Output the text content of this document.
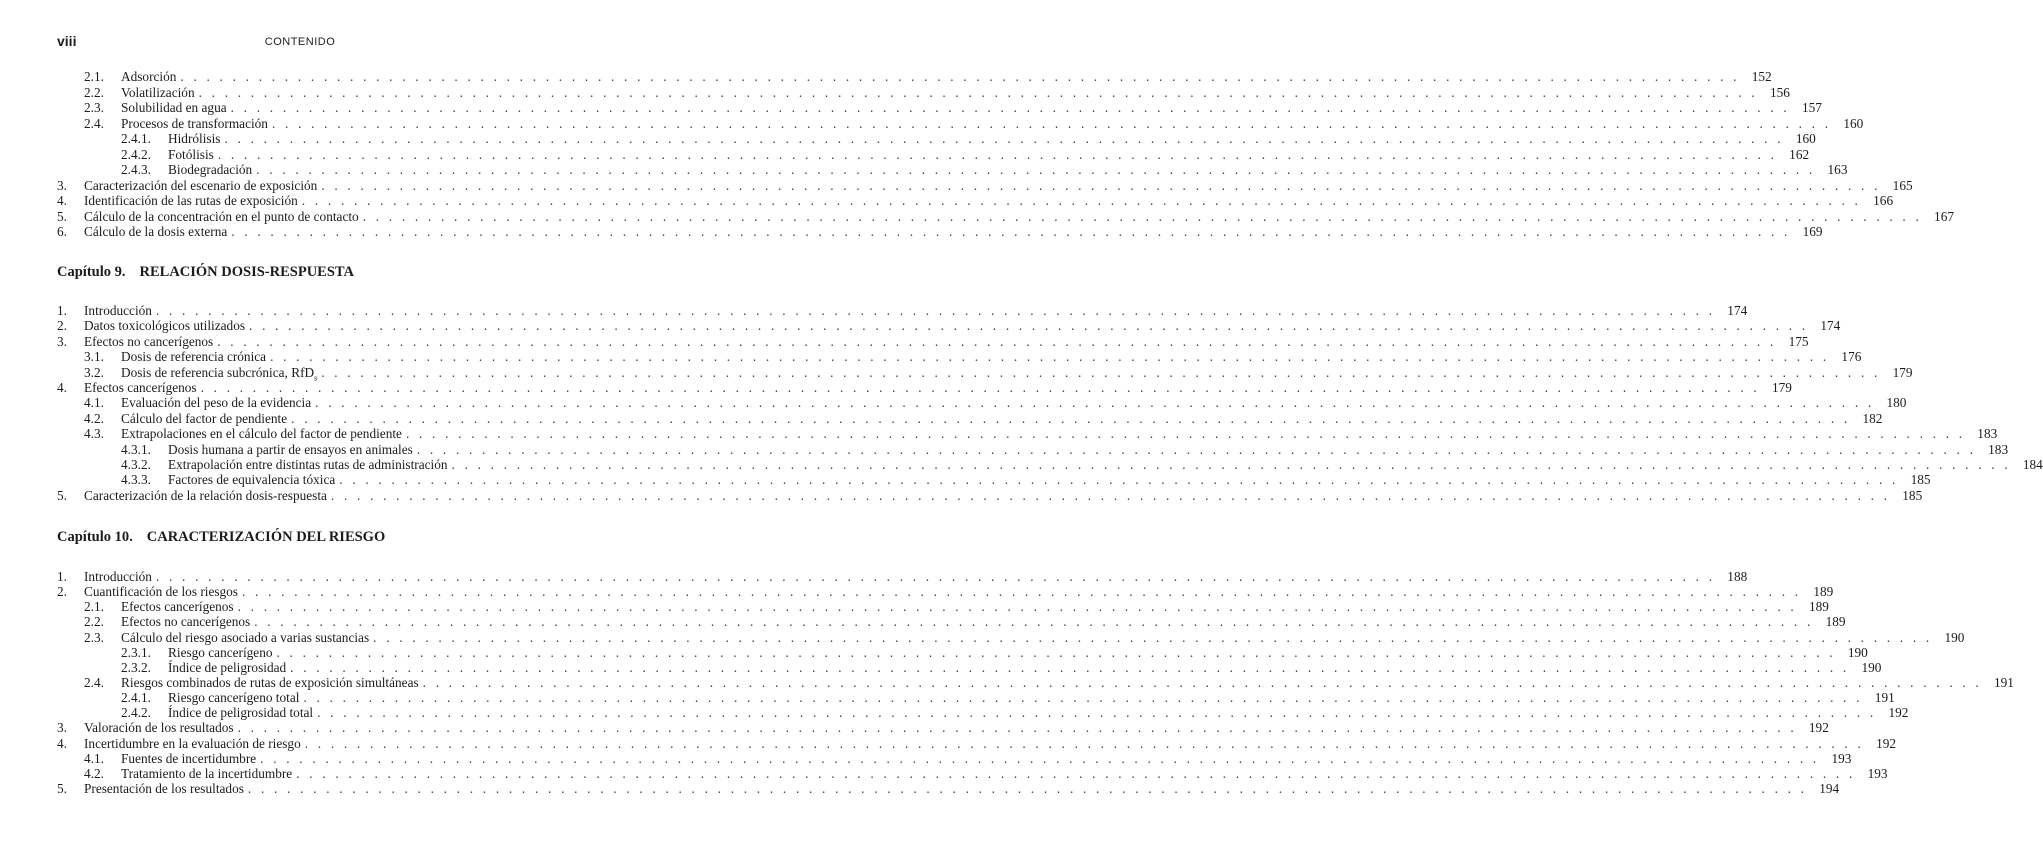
viii	CONTENIDO
2.1.	Adsorción . . . . . . . . . . . . . . . . . . . . . . . . . . . . . . . . . . . . . . . . . . . . . . . . . . . . . . . . . . . . . . . . . . . . . . . . . . . . . . . . . . . . . . . . . . . . . . . . . . . . . . . . . . . . . . . . . . . . . . . . 152
2.2.	Volatilización . . . . . . . . . . . . . . . . . . . . . . . . . . . . . . . . . . . . . . . . . . . . . . . . . . . . . . . . . . . . . . . . . . . . . . . . . . . . . . . . . . . . . . . . . . . . . . . . . . . . . . . . . . . . . . . . . . . . . . . . 156
2.3.	Solubilidad en agua . . . . . . . . . . . . . . . . . . . . . . . . . . . . . . . . . . . . . . . . . . . . . . . . . . . . . . . . . . . . . . . . . . . . . . . . . . . . . . . . . . . . . . . . . . . . . . . . . . . . . . . . . . . . . . . . . . . . . . . . 157
2.4.	Procesos de transformación . . . . . . . . . . . . . . . . . . . . . . . . . . . . . . . . . . . . . . . . . . . . . . . . . . . . . . . . . . . . . . . . . . . . . . . . . . . . . . . . . . . . . . . . . . . . . . . . . . . . . . . . . . . . . . . . . . . . . . . . 160
2.4.1.	Hidrólisis . . . . . . . . . . . . . . . . . . . . . . . . . . . . . . . . . . . . . . . . . . . . . . . . . . . . . . . . . . . . . . . . . . . . . . . . . . . . . . . . . . . . . . . . . . . . . . . . . . . . . . . . . . . . . . . . . . . . . . . . 160
2.4.2.	Fotólisis . . . . . . . . . . . . . . . . . . . . . . . . . . . . . . . . . . . . . . . . . . . . . . . . . . . . . . . . . . . . . . . . . . . . . . . . . . . . . . . . . . . . . . . . . . . . . . . . . . . . . . . . . . . . . . . . . . . . . . . . 162
2.4.3.	Biodegradación . . . . . . . . . . . . . . . . . . . . . . . . . . . . . . . . . . . . . . . . . . . . . . . . . . . . . . . . . . . . . . . . . . . . . . . . . . . . . . . . . . . . . . . . . . . . . . . . . . . . . . . . . . . . . . . . . . . . . . . . 163
3.	Caracterización del escenario de exposición . . . . . . . . . . . . . . . . . . . . . . . . . . . . . . . . . . . . . . . . . . . . . . . . . . . . . . . . . . . . . . . . . . . . . . . . . . . . . . . . . . . . . . . . . . . . . . . . . . . . . . . . . . . . . . . . . . . . . . . . 165
4.	Identificación de las rutas de exposición . . . . . . . . . . . . . . . . . . . . . . . . . . . . . . . . . . . . . . . . . . . . . . . . . . . . . . . . . . . . . . . . . . . . . . . . . . . . . . . . . . . . . . . . . . . . . . . . . . . . . . . . . . . . . . . . . . . . . . . . 166
5.	Cálculo de la concentración en el punto de contacto . . . . . . . . . . . . . . . . . . . . . . . . . . . . . . . . . . . . . . . . . . . . . . . . . . . . . . . . . . . . . . . . . . . . . . . . . . . . . . . . . . . . . . . . . . . . . . . . . . . . . . . . . . . . . . . . . . . . . . . . 167
6.	Cálculo de la dosis externa . . . . . . . . . . . . . . . . . . . . . . . . . . . . . . . . . . . . . . . . . . . . . . . . . . . . . . . . . . . . . . . . . . . . . . . . . . . . . . . . . . . . . . . . . . . . . . . . . . . . . . . . . . . . . . . . . . . . . . . . 169
Capítulo 9. RELACIÓN DOSIS-RESPUESTA
1.	Introducción . . . . . . . . . . . . . . . . . . . . . . . . . . . . . . . . . . . . . . . . . . . . . . . . . . . . . . . . . . . . . . . . . . . . . . . . . . . . . . . . . . . . . . . . . . . . . . . . . . . . . . . . . . . . . . . . . . . . . . . . 174
2.	Datos toxicológicos utilizados . . . . . . . . . . . . . . . . . . . . . . . . . . . . . . . . . . . . . . . . . . . . . . . . . . . . . . . . . . . . . . . . . . . . . . . . . . . . . . . . . . . . . . . . . . . . . . . . . . . . . . . . . . . . . . . . . . . . . . . . 174
3.	Efectos no cancerígenos . . . . . . . . . . . . . . . . . . . . . . . . . . . . . . . . . . . . . . . . . . . . . . . . . . . . . . . . . . . . . . . . . . . . . . . . . . . . . . . . . . . . . . . . . . . . . . . . . . . . . . . . . . . . . . . . . . . . . . . . 175
3.1.	Dosis de referencia crónica . . . . . . . . . . . . . . . . . . . . . . . . . . . . . . . . . . . . . . . . . . . . . . . . . . . . . . . . . . . . . . . . . . . . . . . . . . . . . . . . . . . . . . . . . . . . . . . . . . . . . . . . . . . . . . . . . . . . . . . . 176
3.2.	Dosis de referencia subcrónica, RfD$_s$ . . . . . . . . . . . . . . . . . . . . . . . . . . . . . . . . . . . . . . . . . . . . . . . . . . . . . . . . . . . . . . . . . . . . . . . . . . . . . . . . . . . . . . . . . . . . . . . . . . . . . . . . . . . . . . . . . . . . . . . . 179
4.	Efectos cancerígenos . . . . . . . . . . . . . . . . . . . . . . . . . . . . . . . . . . . . . . . . . . . . . . . . . . . . . . . . . . . . . . . . . . . . . . . . . . . . . . . . . . . . . . . . . . . . . . . . . . . . . . . . . . . . . . . . . . . . . . . . 179
4.1.	Evaluación del peso de la evidencia . . . . . . . . . . . . . . . . . . . . . . . . . . . . . . . . . . . . . . . . . . . . . . . . . . . . . . . . . . . . . . . . . . . . . . . . . . . . . . . . . . . . . . . . . . . . . . . . . . . . . . . . . . . . . . . . . . . . . . . . 180
4.2.	Cálculo del factor de pendiente . . . . . . . . . . . . . . . . . . . . . . . . . . . . . . . . . . . . . . . . . . . . . . . . . . . . . . . . . . . . . . . . . . . . . . . . . . . . . . . . . . . . . . . . . . . . . . . . . . . . . . . . . . . . . . . . . . . . . . . . 182
4.3.	Extrapolaciones en el cálculo del factor de pendiente . . . . . . . . . . . . . . . . . . . . . . . . . . . . . . . . . . . . . . . . . . . . . . . . . . . . . . . . . . . . . . . . . . . . . . . . . . . . . . . . . . . . . . . . . . . . . . . . . . . . . . . . . . . . . . . . . . . . . . . . 183
4.3.1.	Dosis humana a partir de ensayos en animales . . . . . . . . . . . . . . . . . . . . . . . . . . . . . . . . . . . . . . . . . . . . . . . . . . . . . . . . . . . . . . . . . . . . . . . . . . . . . . . . . . . . . . . . . . . . . . . . . . . . . . . . . . . . . . . . . . . . . . . . 183
4.3.2.	Extrapolación entre distintas rutas de administración . . . . . . . . . . . . . . . . . . . . . . . . . . . . . . . . . . . . . . . . . . . . . . . . . . . . . . . . . . . . . . . . . . . . . . . . . . . . . . . . . . . . . . . . . . . . . . . . . . . . . . . . . . . . . . . . . . . . . . . . 184
4.3.3.	Factores de equivalencia tóxica . . . . . . . . . . . . . . . . . . . . . . . . . . . . . . . . . . . . . . . . . . . . . . . . . . . . . . . . . . . . . . . . . . . . . . . . . . . . . . . . . . . . . . . . . . . . . . . . . . . . . . . . . . . . . . . . . . . . . . . . 185
5.	Caracterización de la relación dosis-respuesta . . . . . . . . . . . . . . . . . . . . . . . . . . . . . . . . . . . . . . . . . . . . . . . . . . . . . . . . . . . . . . . . . . . . . . . . . . . . . . . . . . . . . . . . . . . . . . . . . . . . . . . . . . . . . . . . . . . . . . . . 185
Capítulo 10. CARACTERIZACIÓN DEL RIESGO
1.	Introducción . . . . . . . . . . . . . . . . . . . . . . . . . . . . . . . . . . . . . . . . . . . . . . . . . . . . . . . . . . . . . . . . . . . . . . . . . . . . . . . . . . . . . . . . . . . . . . . . . . . . . . . . . . . . . . . . . . . . . . . . 188
2.	Cuantificación de los riesgos . . . . . . . . . . . . . . . . . . . . . . . . . . . . . . . . . . . . . . . . . . . . . . . . . . . . . . . . . . . . . . . . . . . . . . . . . . . . . . . . . . . . . . . . . . . . . . . . . . . . . . . . . . . . . . . . . . . . . . . . 189
2.1.	Efectos cancerígenos . . . . . . . . . . . . . . . . . . . . . . . . . . . . . . . . . . . . . . . . . . . . . . . . . . . . . . . . . . . . . . . . . . . . . . . . . . . . . . . . . . . . . . . . . . . . . . . . . . . . . . . . . . . . . . . . . . . . . . . . 189
2.2.	Efectos no cancerígenos . . . . . . . . . . . . . . . . . . . . . . . . . . . . . . . . . . . . . . . . . . . . . . . . . . . . . . . . . . . . . . . . . . . . . . . . . . . . . . . . . . . . . . . . . . . . . . . . . . . . . . . . . . . . . . . . . . . . . . . . 189
2.3.	Cálculo del riesgo asociado a varias sustancias . . . . . . . . . . . . . . . . . . . . . . . . . . . . . . . . . . . . . . . . . . . . . . . . . . . . . . . . . . . . . . . . . . . . . . . . . . . . . . . . . . . . . . . . . . . . . . . . . . . . . . . . . . . . . . . . . . . . . . . . 190
2.3.1.	Riesgo cancerígeno . . . . . . . . . . . . . . . . . . . . . . . . . . . . . . . . . . . . . . . . . . . . . . . . . . . . . . . . . . . . . . . . . . . . . . . . . . . . . . . . . . . . . . . . . . . . . . . . . . . . . . . . . . . . . . . . . . . . . . . . 190
2.3.2.	Índice de peligrosidad . . . . . . . . . . . . . . . . . . . . . . . . . . . . . . . . . . . . . . . . . . . . . . . . . . . . . . . . . . . . . . . . . . . . . . . . . . . . . . . . . . . . . . . . . . . . . . . . . . . . . . . . . . . . . . . . . . . . . . . . 190
2.4.	Riesgos combinados de rutas de exposición simultáneas . . . . . . . . . . . . . . . . . . . . . . . . . . . . . . . . . . . . . . . . . . . . . . . . . . . . . . . . . . . . . . . . . . . . . . . . . . . . . . . . . . . . . . . . . . . . . . . . . . . . . . . . . . . . . . . . . . . . . . . . 191
2.4.1.	Riesgo cancerígeno total . . . . . . . . . . . . . . . . . . . . . . . . . . . . . . . . . . . . . . . . . . . . . . . . . . . . . . . . . . . . . . . . . . . . . . . . . . . . . . . . . . . . . . . . . . . . . . . . . . . . . . . . . . . . . . . . . . . . . . . . 191
2.4.2.	Índice de peligrosidad total . . . . . . . . . . . . . . . . . . . . . . . . . . . . . . . . . . . . . . . . . . . . . . . . . . . . . . . . . . . . . . . . . . . . . . . . . . . . . . . . . . . . . . . . . . . . . . . . . . . . . . . . . . . . . . . . . . . . . . . . 192
3.	Valoración de los resultados . . . . . . . . . . . . . . . . . . . . . . . . . . . . . . . . . . . . . . . . . . . . . . . . . . . . . . . . . . . . . . . . . . . . . . . . . . . . . . . . . . . . . . . . . . . . . . . . . . . . . . . . . . . . . . . . . . . . . . . . 192
4.	Incertidumbre en la evaluación de riesgo . . . . . . . . . . . . . . . . . . . . . . . . . . . . . . . . . . . . . . . . . . . . . . . . . . . . . . . . . . . . . . . . . . . . . . . . . . . . . . . . . . . . . . . . . . . . . . . . . . . . . . . . . . . . . . . . . . . . . . . . 192
4.1.	Fuentes de incertidumbre . . . . . . . . . . . . . . . . . . . . . . . . . . . . . . . . . . . . . . . . . . . . . . . . . . . . . . . . . . . . . . . . . . . . . . . . . . . . . . . . . . . . . . . . . . . . . . . . . . . . . . . . . . . . . . . . . . . . . . . . 193
4.2.	Tratamiento de la incertidumbre . . . . . . . . . . . . . . . . . . . . . . . . . . . . . . . . . . . . . . . . . . . . . . . . . . . . . . . . . . . . . . . . . . . . . . . . . . . . . . . . . . . . . . . . . . . . . . . . . . . . . . . . . . . . . . . . . . . . . . . . 193
5.	Presentación de los resultados . . . . . . . . . . . . . . . . . . . . . . . . . . . . . . . . . . . . . . . . . . . . . . . . . . . . . . . . . . . . . . . . . . . . . . . . . . . . . . . . . . . . . . . . . . . . . . . . . . . . . . . . . . . . . . . . . . . . . . . . 194
